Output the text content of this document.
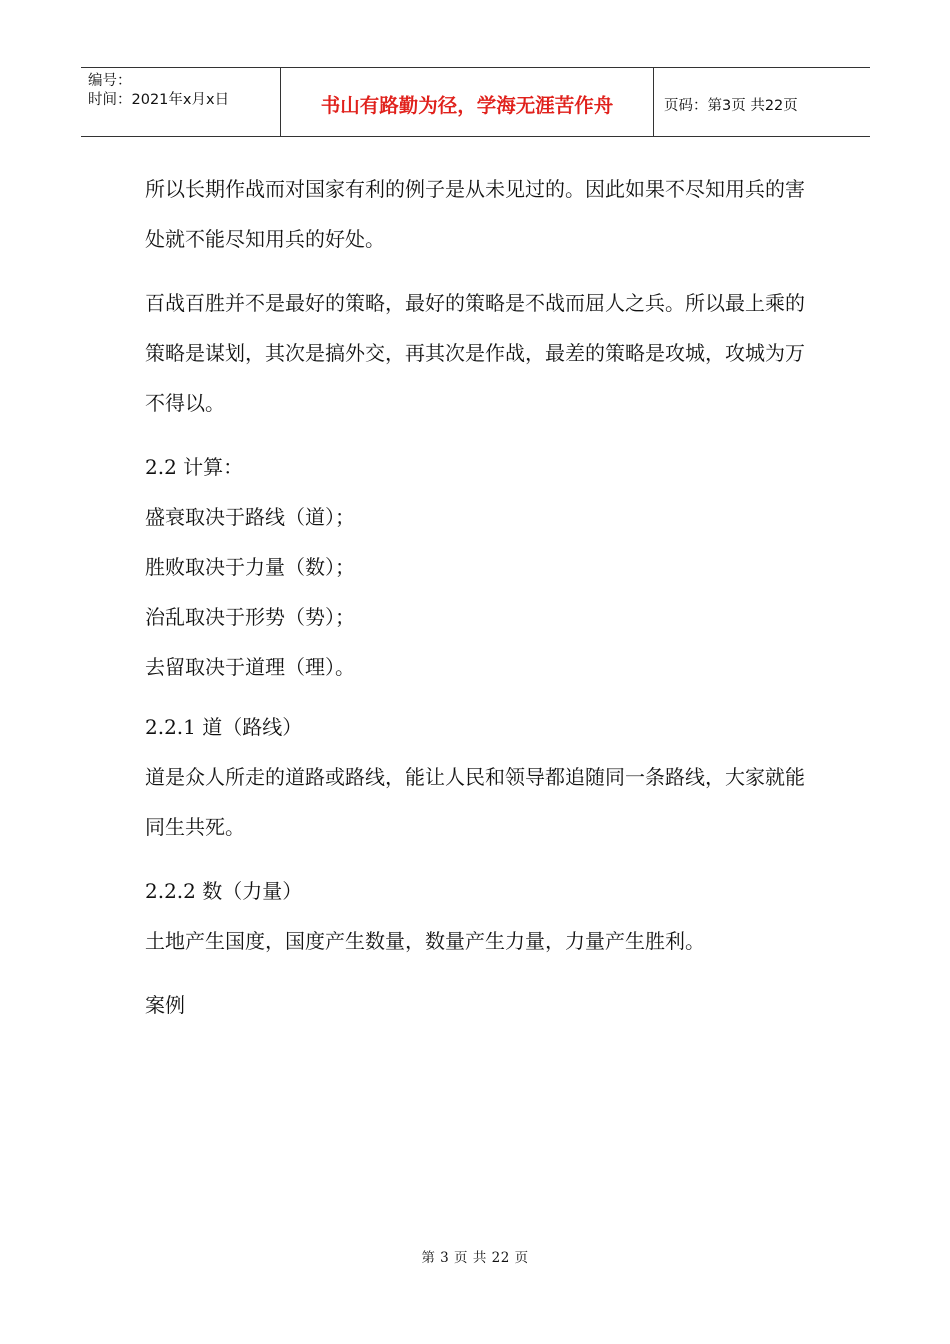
编号：
时间：2021年x月x日	书山有路勤为径，学海无涯苦作舟	页码：第3页 共22页

所以长期作战而对国家有利的例子是从未见过的。因此如果不尽知用兵的害处就不能尽知用兵的好处。

百战百胜并不是最好的策略，最好的策略是不战而屈人之兵。所以最上乘的策略是谋划，其次是搞外交，再其次是作战，最差的策略是攻城，攻城为万不得以。

2.2 计算：

盛衰取决于路线（道）；

胜败取决于力量（数）；

治乱取决于形势（势）；

去留取决于道理（理）。

2.2.1 道（路线）

道是众人所走的道路或路线，能让人民和领导都追随同一条路线，大家就能同生共死。

2.2.2 数（力量）

土地产生国度，国度产生数量，数量产生力量，力量产生胜利。

案例

第 3 页 共 22 页
